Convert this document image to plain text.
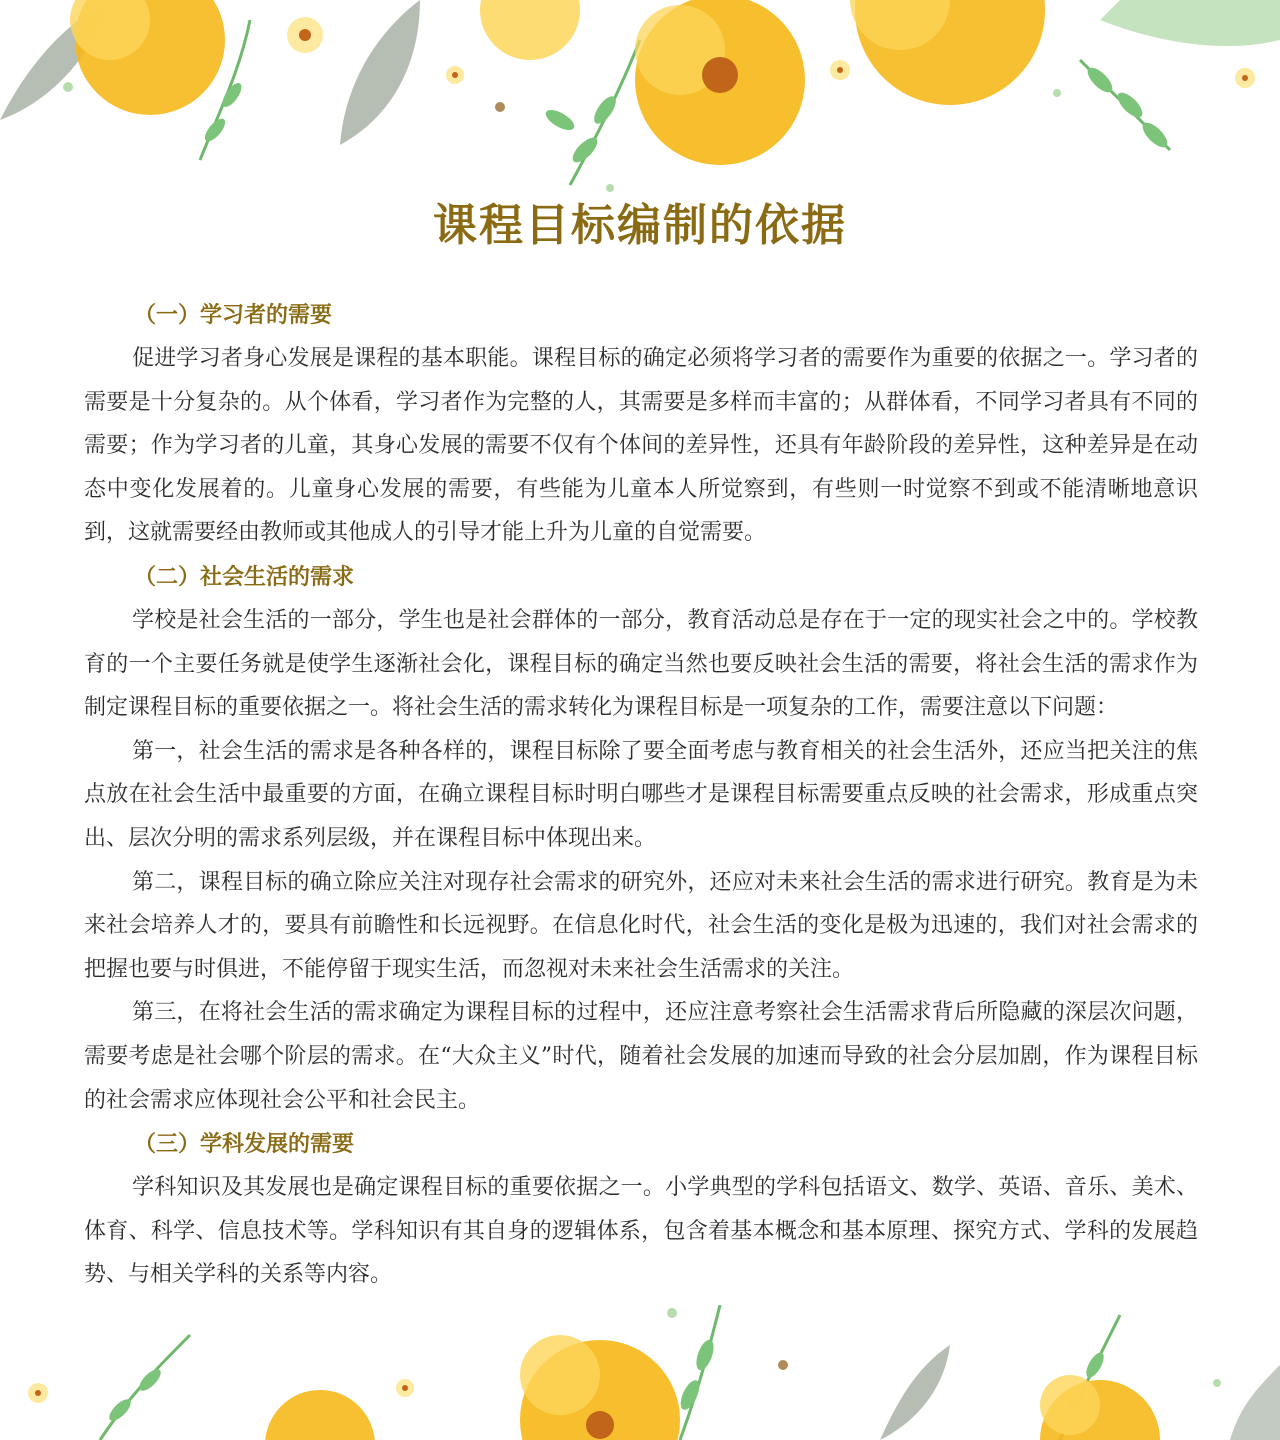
课程目标编制的依据
（一）学习者的需要

促进学习者身心发展是课程的基本职能。课程目标的确定必须将学习者的需要作为重要的依据之一。学习者的需要是十分复杂的。从个体看，学习者作为完整的人，其需要是多样而丰富的；从群体看，不同学习者具有不同的需要；作为学习者的儿童，其身心发展的需要不仅有个体间的差异性，还具有年龄阶段的差异性，这种差异是在动态中变化发展着的。儿童身心发展的需要，有些能为儿童本人所觉察到，有些则一时觉察不到或不能清晰地意识到，这就需要经由教师或其他成人的引导才能上升为儿童的自觉需要。

（二）社会生活的需求

学校是社会生活的一部分，学生也是社会群体的一部分，教育活动总是存在于一定的现实社会之中的。学校教育的一个主要任务就是使学生逐渐社会化，课程目标的确定当然也要反映社会生活的需要，将社会生活的需求作为制定课程目标的重要依据之一。将社会生活的需求转化为课程目标是一项复杂的工作，需要注意以下问题：

第一，社会生活的需求是各种各样的，课程目标除了要全面考虑与教育相关的社会生活外，还应当把关注的焦点放在社会生活中最重要的方面，在确立课程目标时明白哪些才是课程目标需要重点反映的社会需求，形成重点突出、层次分明的需求系列层级，并在课程目标中体现出来。

第二，课程目标的确立除应关注对现存社会需求的研究外，还应对未来社会生活的需求进行研究。教育是为未来社会培养人才的，要具有前瞻性和长远视野。在信息化时代，社会生活的变化是极为迅速的，我们对社会需求的把握也要与时俱进，不能停留于现实生活，而忽视对未来社会生活需求的关注。

第三，在将社会生活的需求确定为课程目标的过程中，还应注意考察社会生活需求背后所隐藏的深层次问题，需要考虑是社会哪个阶层的需求。在“大众主义”时代，随着社会发展的加速而导致的社会分层加剧，作为课程目标的社会需求应体现社会公平和社会民主。

（三）学科发展的需要

学科知识及其发展也是确定课程目标的重要依据之一。小学典型的学科包括语文、数学、英语、音乐、美术、体育、科学、信息技术等。学科知识有其自身的逻辑体系，包含着基本概念和基本原理、探究方式、学科的发展趋势、与相关学科的关系等内容。
